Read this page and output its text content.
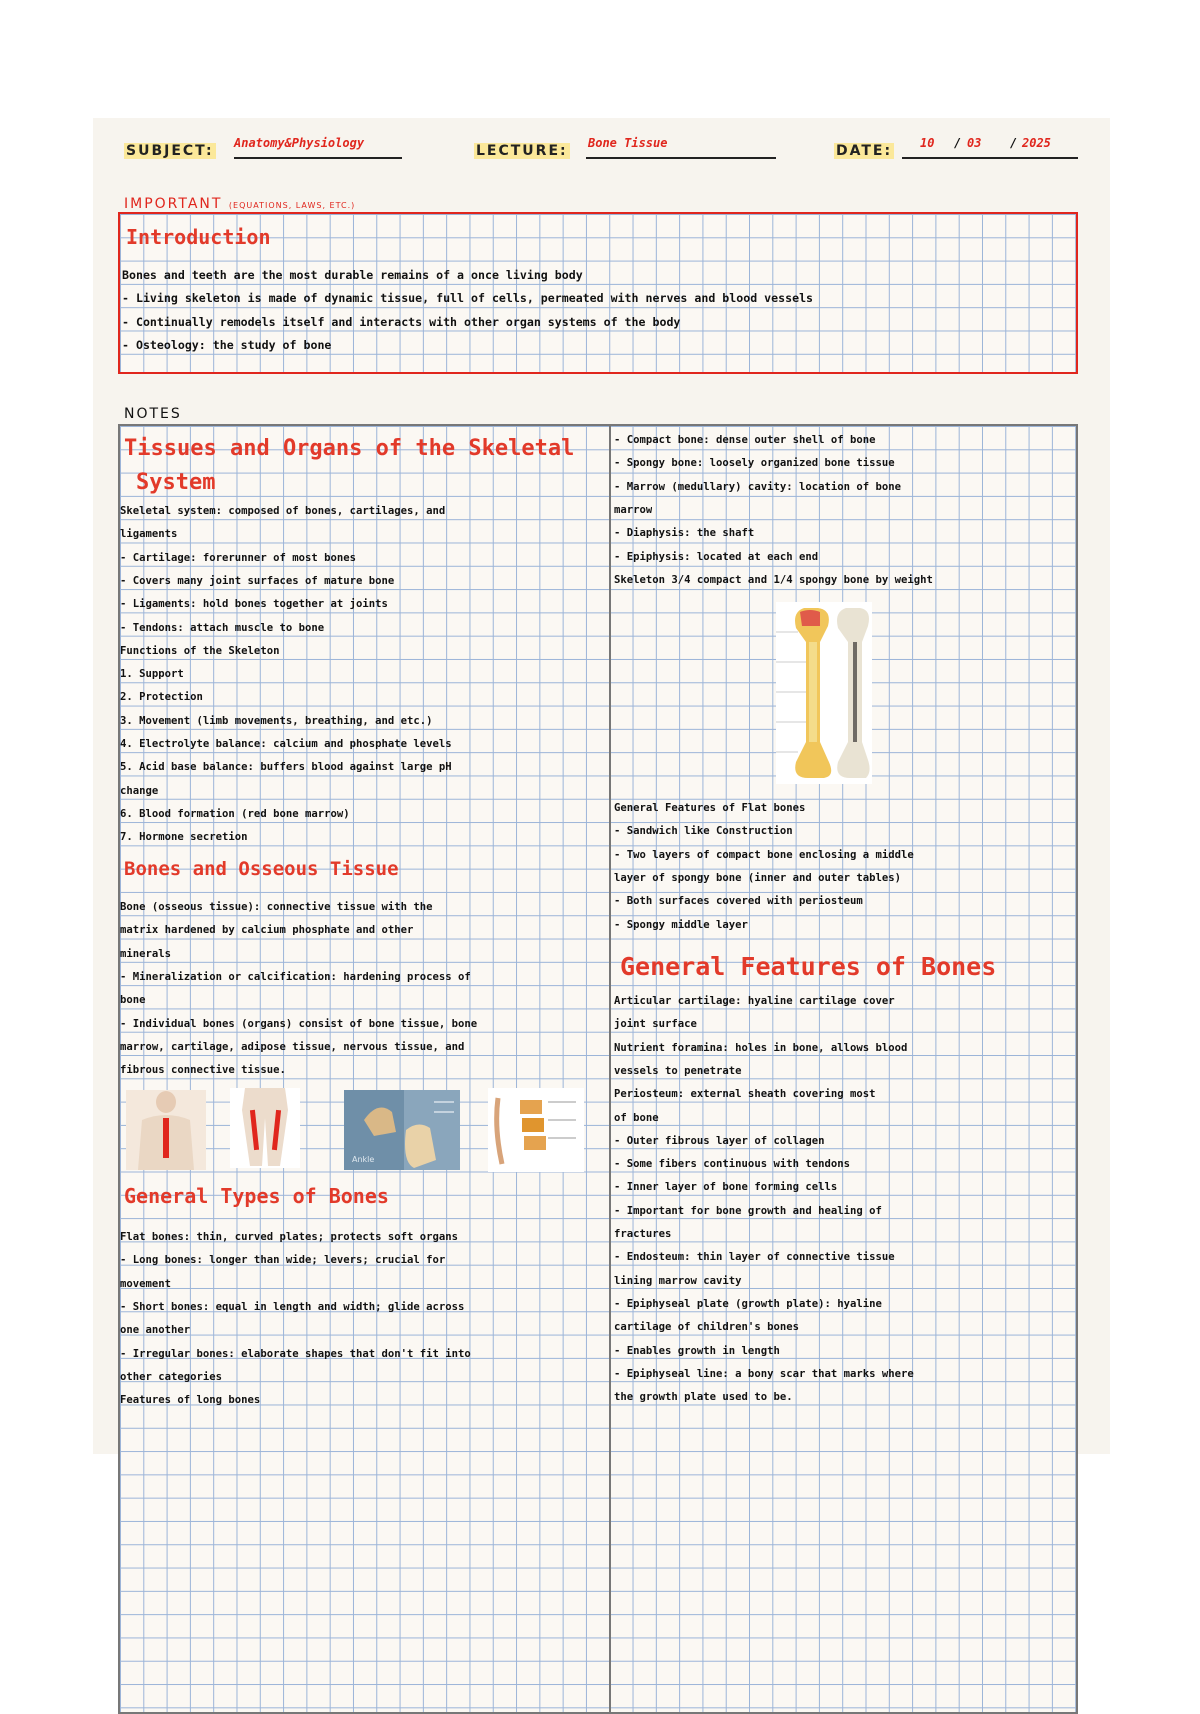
SUBJECT: Anatomy&Physiology	LECTURE: Bone Tissue	DATE: 10 / 03 / 2025
IMPORTANT (EQUATIONS, LAWS, ETC.)
Introduction
Bones and teeth are the most durable remains of a once living body
- Living skeleton is made of dynamic tissue, full of cells, permeated with nerves and blood vessels
- Continually remodels itself and interacts with other organ systems of the body
- Osteology: the study of bone
NOTES
Tissues and Organs of the Skeletal
System
Skeletal system: composed of bones, cartilages, and
ligaments
- Cartilage: forerunner of most bones
- Covers many joint surfaces of mature bone
- Ligaments: hold bones together at joints
- Tendons: attach muscle to bone
Functions of the Skeleton
1. Support
2. Protection
3. Movement (limb movements, breathing, and etc.)
4. Electrolyte balance: calcium and phosphate levels
5. Acid base balance: buffers blood against large pH
change
6. Blood formation (red bone marrow)
7. Hormone secretion
Bones and Osseous Tissue
Bone (osseous tissue): connective tissue with the
matrix hardened by calcium phosphate and other
minerals
- Mineralization or calcification: hardening process of
bone
- Individual bones (organs) consist of bone tissue, bone
marrow, cartilage, adipose tissue, nervous tissue, and
fibrous connective tissue.
Ankle
General Types of Bones
Flat bones: thin, curved plates; protects soft organs
- Long bones: longer than wide; levers; crucial for
movement
- Short bones: equal in length and width; glide across
one another
- Irregular bones: elaborate shapes that don't fit into
other categories
Features of long bones
- Compact bone: dense outer shell of bone
- Spongy bone: loosely organized bone tissue
- Marrow (medullary) cavity: location of bone
marrow
- Diaphysis: the shaft
- Epiphysis: located at each end
Skeleton 3/4 compact and 1/4 spongy bone by weight
General Features of Flat bones
- Sandwich like Construction
- Two layers of compact bone enclosing a middle
layer of spongy bone (inner and outer tables)
- Both surfaces covered with periosteum
- Spongy middle layer
General Features of Bones
Articular cartilage: hyaline cartilage cover
joint surface
Nutrient foramina: holes in bone, allows blood
vessels to penetrate
Periosteum: external sheath covering most
of bone
- Outer fibrous layer of collagen
- Some fibers continuous with tendons
- Inner layer of bone forming cells
- Important for bone growth and healing of
fractures
- Endosteum: thin layer of connective tissue
lining marrow cavity
- Epiphyseal plate (growth plate): hyaline
cartilage of children's bones
- Enables growth in length
- Epiphyseal line: a bony scar that marks where
the growth plate used to be.
